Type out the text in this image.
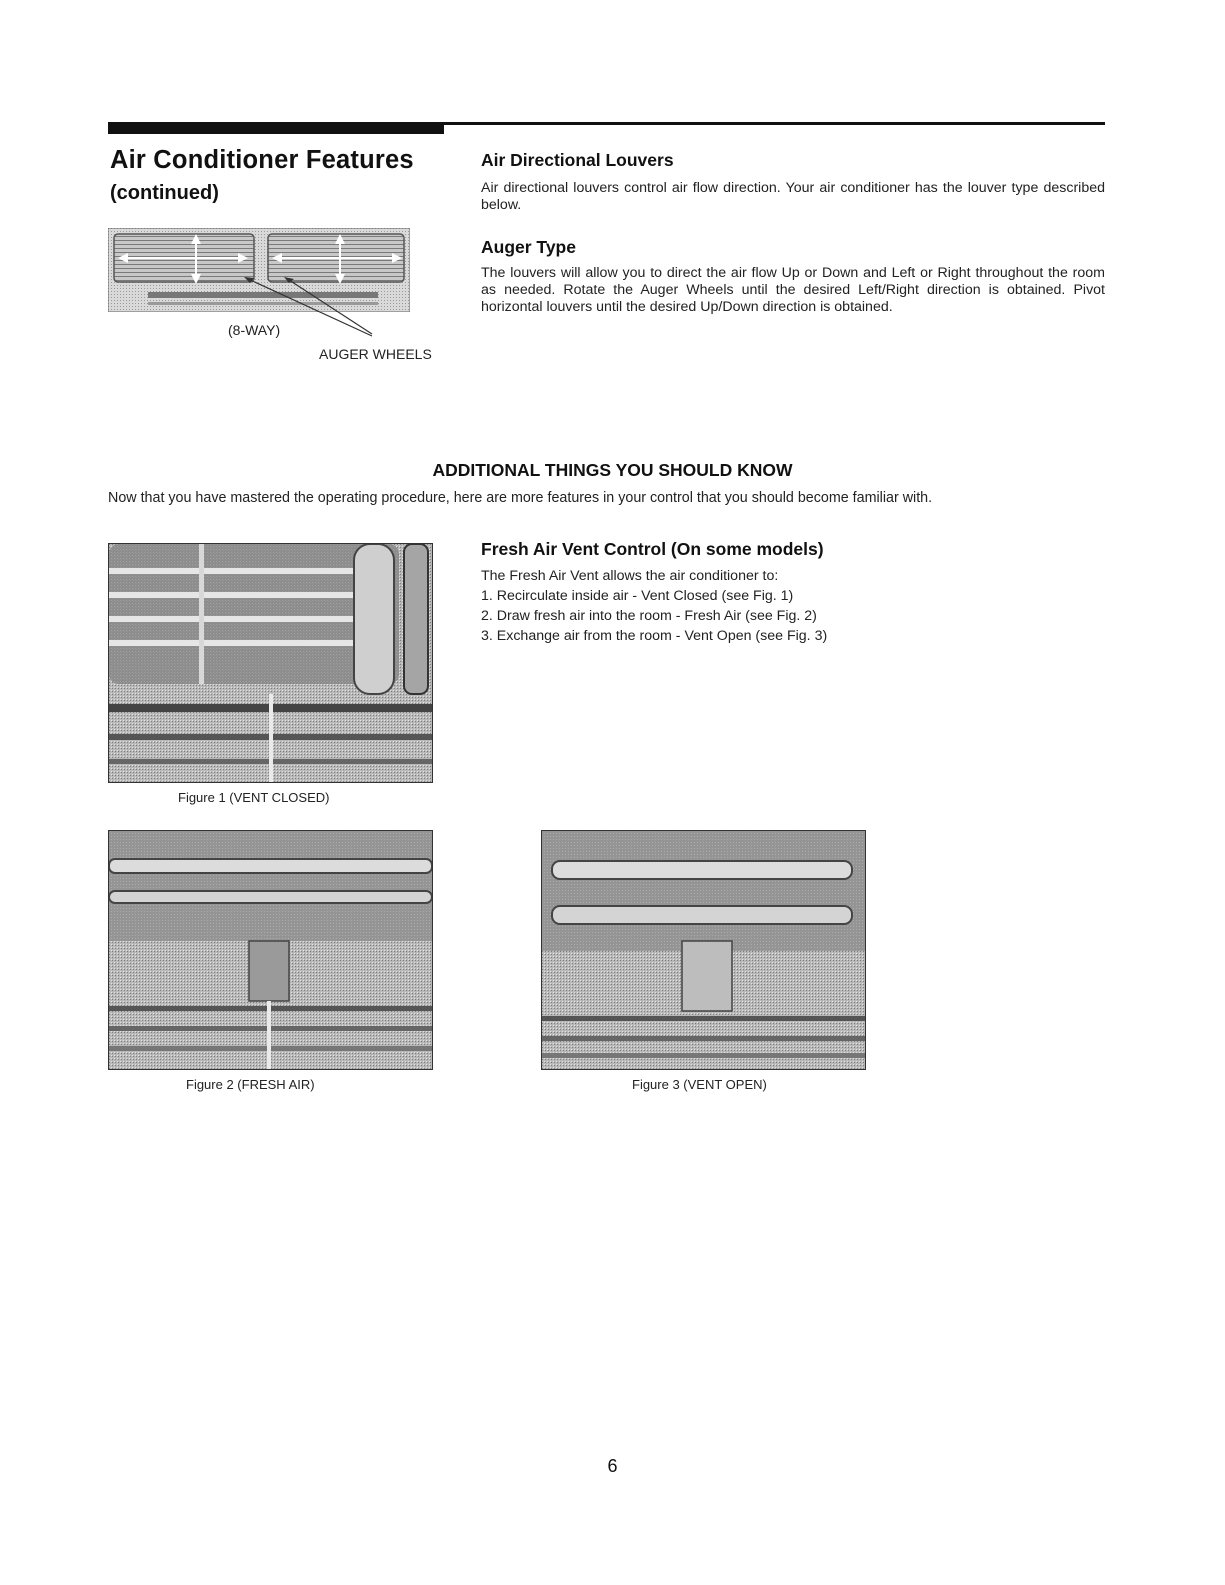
Air Conditioner Features
(continued)
Air Directional Louvers
Air directional louvers control air flow direction. Your air conditioner has the louver type described below.
Auger Type
The louvers will allow you to direct the air flow Up or Down and Left or Right throughout the room as needed. Rotate the Auger Wheels until the desired Left/Right direction is obtained. Pivot horizontal louvers until the desired Up/Down direction is obtained.
(8-WAY)
AUGER WHEELS
ADDITIONAL THINGS YOU SHOULD KNOW
Now that you have mastered the operating procedure, here are more features in your control that you should become familiar with.
Figure 1 (VENT CLOSED)
Fresh Air Vent Control (On some models)
The Fresh Air Vent allows the air conditioner to:
1. Recirculate inside air - Vent Closed (see Fig. 1)
2. Draw fresh air into the room - Fresh Air (see Fig. 2)
3. Exchange air from the room - Vent Open (see Fig. 3)
Figure 2 (FRESH AIR)	Figure 3 (VENT OPEN)
6
